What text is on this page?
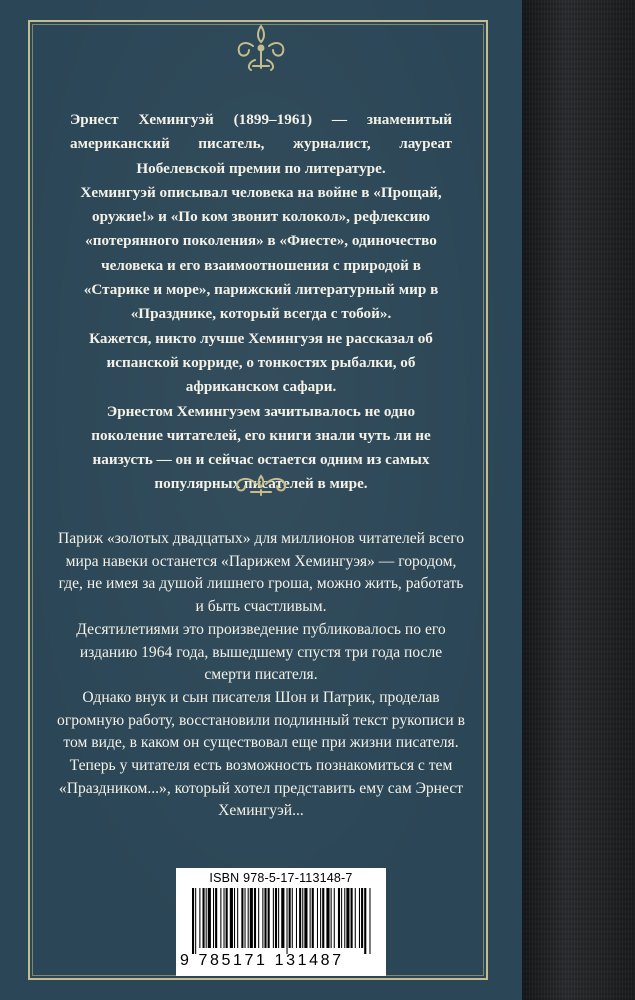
Эрнест Хемингуэй (1899–1961) — знаменитый американский писатель, журналист, лауреат Нобелевской премии по литературе.

Хемингуэй описывал человека на войне в «Прощай, оружие!» и «По ком звонит колокол», рефлексию «потерянного поколения» в «Фиесте», одиночество человека и его взаимоотношения с природой в «Старике и море», парижский литературный мир в «Празднике, который всегда с тобой».

Кажется, никто лучше Хемингуэя не рассказал об испанской корриде, о тонкостях рыбалки, об африканском сафари.

Эрнестом Хемингуэем зачитывалось не одно поколение читателей, его книги знали чуть ли не наизусть — он и сейчас остается одним из самых популярных писателей в мире.

Париж «золотых двадцатых» для миллионов читателей всего мира навеки останется «Парижем Хемингуэя» — городом, где, не имея за душой лишнего гроша, можно жить, работать и быть счастливым.

Десятилетиями это произведение публиковалось по его изданию 1964 года, вышедшему спустя три года после смерти писателя.

Однако внук и сын писателя Шон и Патрик, проделав огромную работу, восстановили подлинный текст рукописи в том виде, в каком он существовал еще при жизни писателя.

Теперь у читателя есть возможность познакомиться с тем «Праздником...», который хотел представить ему сам Эрнест Хемингуэй...

ISBN 978-5-17-113148-7
9 785171 131487
